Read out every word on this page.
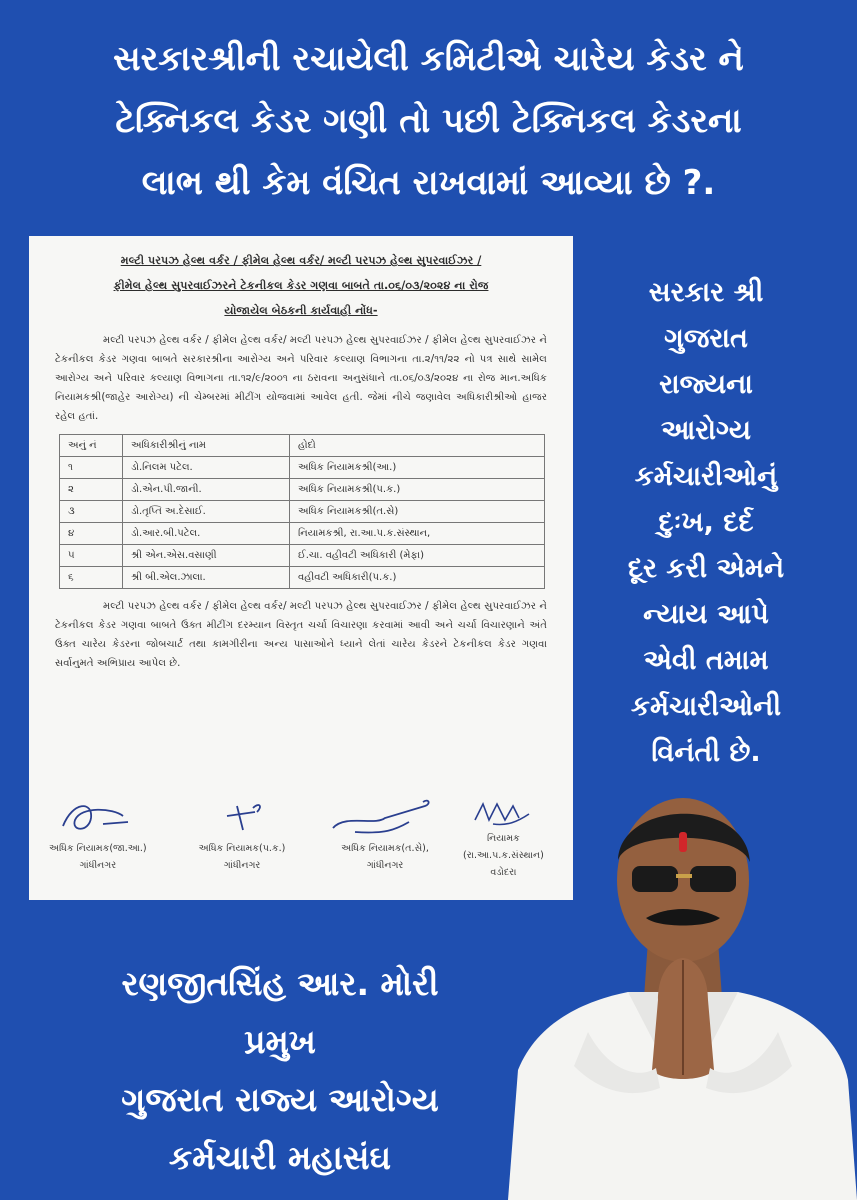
સરકારશ્રીની રચાયેલી કમિટીએ ચારેય કેડર ને
ટેક્નિકલ કેડર ગણી તો પછી ટેક્નિકલ કેડરના
લાભ થી કેમ વંચિત રાખવામાં આવ્યા છે ?.
મલ્ટી પરપઝ હેલ્થ વર્કર / ફીમેલ હેલ્થ વર્કર/ મલ્ટી પરપઝ હેલ્થ સુપરવાઈઝર /
ફીમેલ હેલ્થ સુપરવાઈઝરને ટેકનીકલ કેડર ગણવા બાબતે તા.૦૬/૦૩/૨૦૨૪ ના રોજ
યોજાયેલ બેઠકની કાર્યવાહી નોંધ-
મલ્ટી પરપઝ હેલ્થ વર્કર / ફીમેલ હેલ્થ વર્કર/ મલ્ટી પરપઝ હેલ્થ સુપરવાઈઝર / ફીમેલ હેલ્થ સુપરવાઈઝર ને ટેકનીકલ કેડર ગણવા બાબતે સરકારશ્રીના આરોગ્ય અને પરિવાર કલ્યાણ વિભાગના તા.૨/૧૧/૨૨ નો પત્ર સાથે સામેલ આરોગ્ય અને પરિવાર કલ્યાણ વિભાગના તા.૧૨/૯/૨૦૦૧ ના ઠરાવના અનુસંધાને તા.૦૬/૦૩/૨૦૨૪ ના રોજ માન.અધિક નિયામકશ્રી(જાહેર આરોગ્ય) ની ચેમ્બરમાં મીટીંગ યોજવામાં આવેલ હતી. જેમાં નીચે જણાવેલ અધિકારીશ્રીઓ હાજર રહેલ હતાં.
અનું નં	અધિકારીશ્રીનું નામ	હોદો
૧	ડો.નિલમ પટેલ.	અધિક નિયામકશ્રી(આ.)
૨	ડો.એન.પી.જાની.	અધિક નિયામકશ્રી(પ.ક.)
૩	ડો.તૃપ્તિ અ.દેસાઈ.	અધિક નિયામકશ્રી(ત.સે)
૪	ડો.આર.બી.પટેલ.	નિયામકશ્રી, રા.આ.પ.ક.સંસ્થાન,
૫	શ્રી એન.એસ.વસાણી	ઈ.ચા. વહીવટી અધિકારી (મેફા)
૬	શ્રી બી.એલ.ઝાલા.	વહીવટી અધિકારી(પ.ક.)
મલ્ટી પરપઝ હેલ્થ વર્કર / ફીમેલ હેલ્થ વર્કર/ મલ્ટી પરપઝ હેલ્થ સુપરવાઈઝર / ફીમેલ હેલ્થ સુપરવાઈઝર ને ટેકનીકલ કેડર ગણવા બાબતે ઉક્ત મીટીંગ દરમ્યાન વિસ્તૃત ચર્ચા વિચારણા કરવામાં આવી અને ચર્ચા વિચારણાને અંતે ઉક્ત ચારેય કેડરના જોબચાર્ટ તથા કામગીરીના અન્ય પાસાઓને ધ્યાને લેતાં ચારેય કેડરને ટેકનીકલ કેડર ગણવા સર્વાનુમતે અભિપ્રાય આપેલ છે.
અધિક નિયામક(જા.આ.)
ગાંધીનગર
અધિક નિયામક(પ.ક.)
ગાંધીનગર
અધિક નિયામક(ત.સે),
ગાંધીનગર
નિયામક
(રા.આ.પ.ક.સંસ્થાન)
વડોદરા
સરકાર શ્રી
ગુજરાત
રાજ્યના
આરોગ્ય
કર્મચારીઓનું
દુઃખ, દર્દ
દૂર કરી એમને
ન્યાય આપે
એવી તમામ
કર્મચારીઓની
વિનંતી છે.
રણજીતસિંહ આર. મોરી
પ્રમુખ
ગુજરાત રાજ્ય આરોગ્ય
કર્મચારી મહાસંઘ
